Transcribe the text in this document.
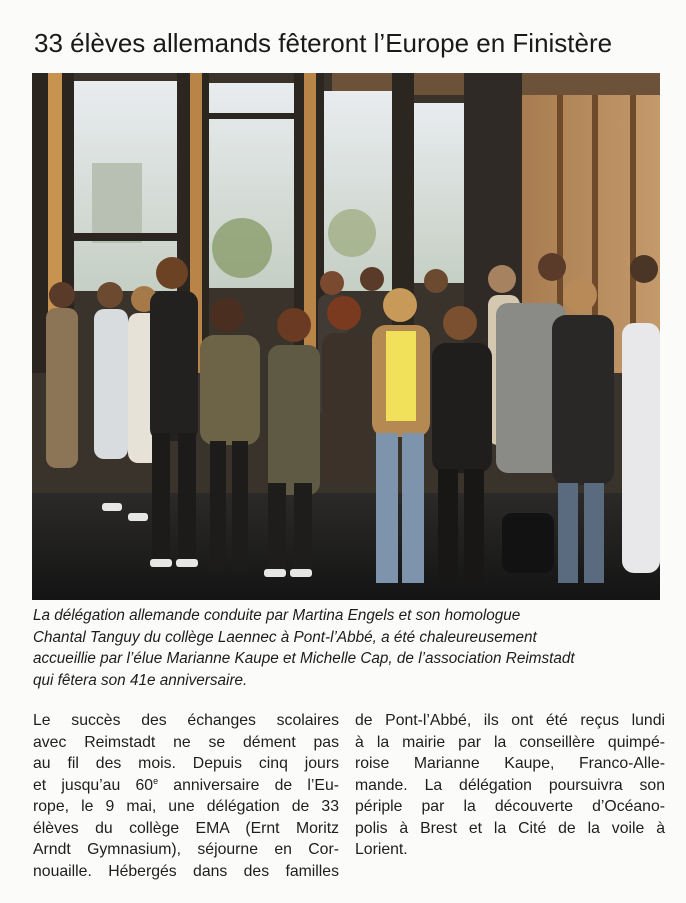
33 élèves allemands fêteront l’Europe en Finistère

La délégation allemande conduite par Martina Engels et son homologue
Chantal Tanguy du collège Laennec à Pont-l’Abbé, a été chaleureusement
accueillie par l’élue Marianne Kaupe et Michelle Cap, de l’association Reimstadt
qui fêtera son 41e anniversaire.

Le succès des échanges scolaires
avec Reimstadt ne se dément pas
au fil des mois. Depuis cinq jours
et jusqu’au 60e anniversaire de l’Eu-
rope, le 9 mai, une délégation de 33
élèves du collège EMA (Ernt Moritz
Arndt Gymnasium), séjourne en Cor-
nouaille. Hébergés dans des familles

de Pont-l’Abbé, ils ont été reçus lundi
à la mairie par la conseillère quimpé-
roise Marianne Kaupe, Franco-Alle-
mande. La délégation poursuivra son
périple par la découverte d’Océano-
polis à Brest et la Cité de la voile à
Lorient.
